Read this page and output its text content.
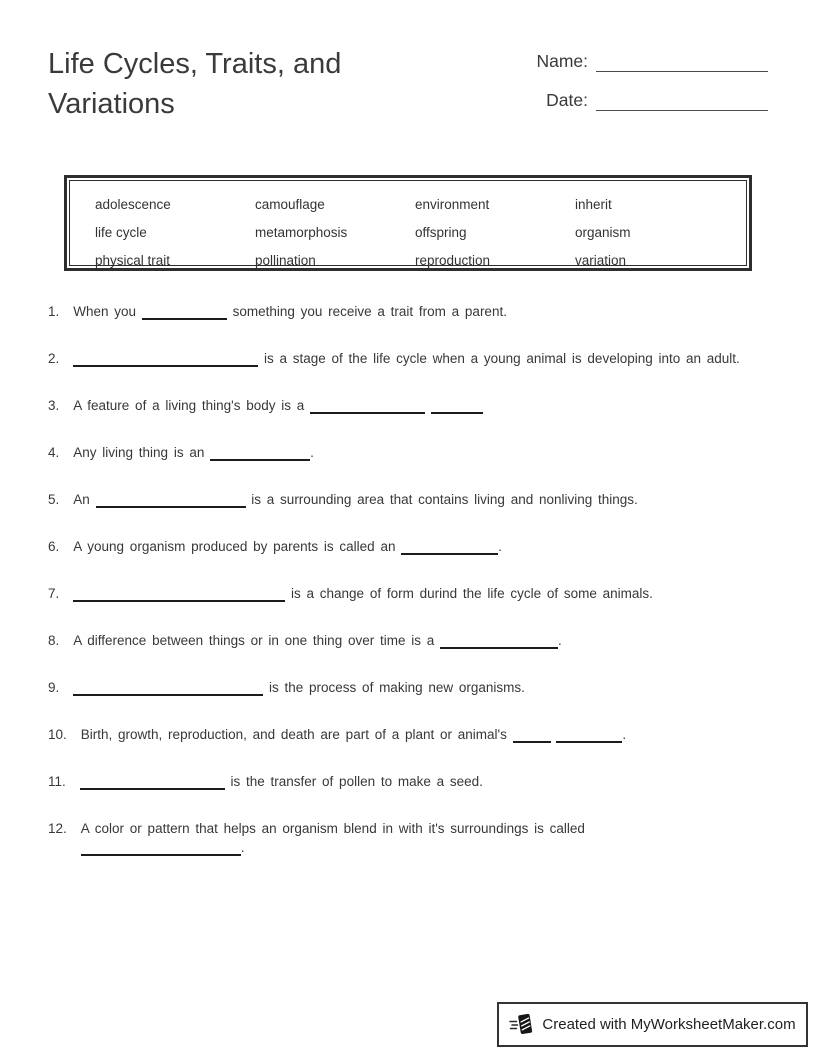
Life Cycles, Traits, and Variations
Name:
Date:
adolescence	camouflage	environment	inherit
life cycle	metamorphosis	offspring	organism
physical trait	pollination	reproduction	variation
1. When you	something you receive a trait from a parent.

2.	is a stage of the life cycle when a young animal is developing into an adult.

3. A feature of a living thing's body is a

4. Any living thing is an	.

5. An	is a surrounding area that contains living and nonliving things.

6. A young organism produced by parents is called an	.

7.	is a change of form durind the life cycle of some animals.

8. A difference between things or in one thing over time is a	.

9.	is the process of making new organisms.

10. Birth, growth, reproduction, and death are part of a plant or animal's	.

11.	is the transfer of pollen to make a seed.

12. A color or pattern that helps an organism blend in with it's surroundings is called .

Created with MyWorksheetMaker.com
